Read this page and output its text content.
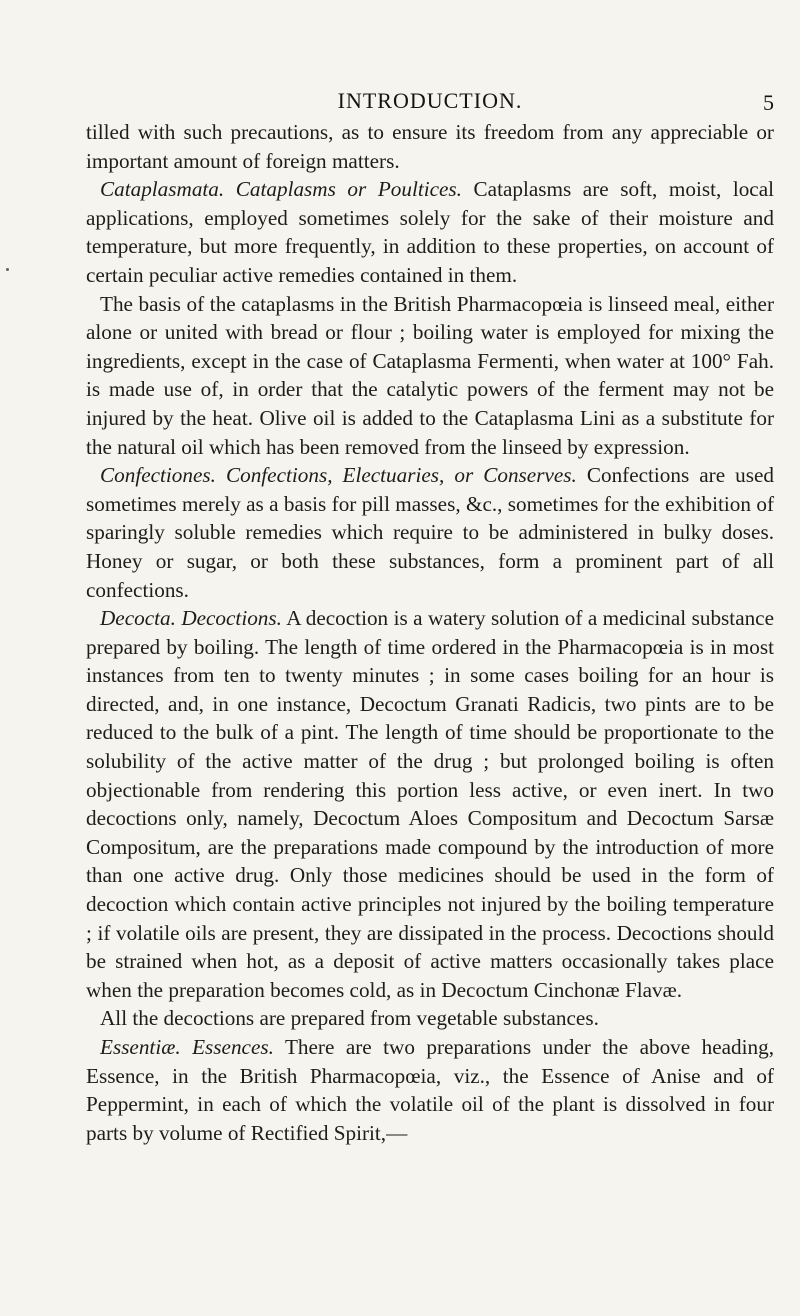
INTRODUCTION.	5

tilled with such precautions, as to ensure its freedom from any appreciable or important amount of foreign matters.

Cataplasmata. Cataplasms or Poultices. Cataplasms are soft, moist, local applications, employed sometimes solely for the sake of their moisture and temperature, but more frequently, in addition to these properties, on account of certain peculiar active remedies contained in them.

The basis of the cataplasms in the British Pharmacopœia is linseed meal, either alone or united with bread or flour ; boiling water is employed for mixing the ingredients, except in the case of Cataplasma Fermenti, when water at 100° Fah. is made use of, in order that the catalytic powers of the ferment may not be injured by the heat. Olive oil is added to the Cataplasma Lini as a substitute for the natural oil which has been removed from the linseed by expression.

Confectiones. Confections, Electuaries, or Conserves. Confections are used sometimes merely as a basis for pill masses, &c., sometimes for the exhibition of sparingly soluble remedies which require to be administered in bulky doses. Honey or sugar, or both these substances, form a prominent part of all confections.

Decocta. Decoctions. A decoction is a watery solution of a medicinal substance prepared by boiling. The length of time ordered in the Pharmacopœia is in most instances from ten to twenty minutes ; in some cases boiling for an hour is directed, and, in one instance, Decoctum Granati Radicis, two pints are to be reduced to the bulk of a pint. The length of time should be proportionate to the solubility of the active matter of the drug ; but prolonged boiling is often objectionable from rendering this portion less active, or even inert. In two decoctions only, namely, Decoctum Aloes Compositum and Decoctum Sarsæ Compositum, are the preparations made compound by the introduction of more than one active drug. Only those medicines should be used in the form of decoction which contain active principles not injured by the boiling temperature ; if volatile oils are present, they are dissipated in the process. Decoctions should be strained when hot, as a deposit of active matters occasionally takes place when the preparation becomes cold, as in Decoctum Cinchonæ Flavæ.

All the decoctions are prepared from vegetable substances.

Essentiæ. Essences. There are two preparations under the above heading, Essence, in the British Pharmacopœia, viz., the Essence of Anise and of Peppermint, in each of which the volatile oil of the plant is dissolved in four parts by volume of Rectified Spirit,—
